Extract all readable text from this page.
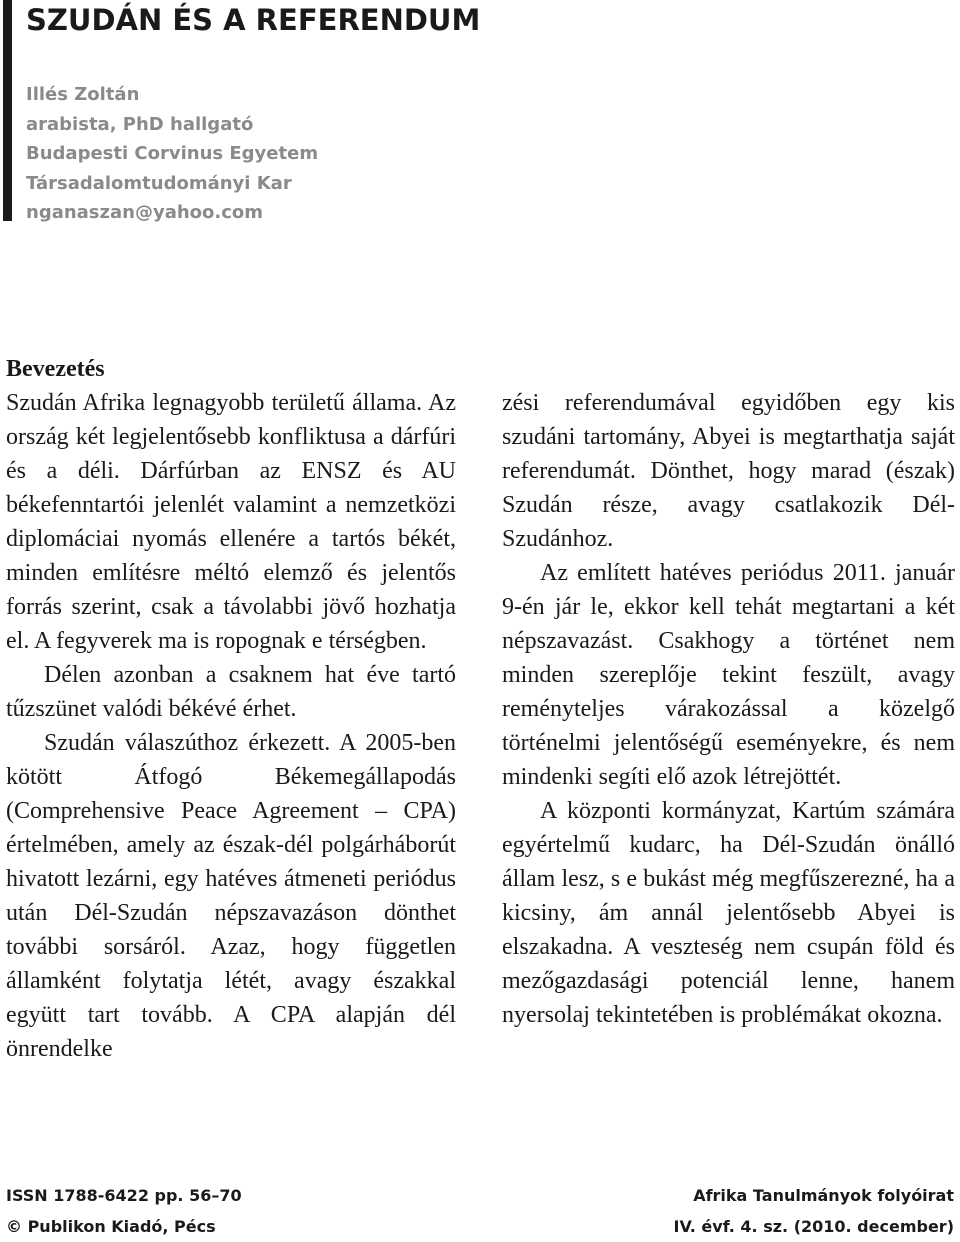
SZUDÁN ÉS A REFERENDUM
Illés Zoltán
arabista, PhD hallgató
Budapesti Corvinus Egyetem
Társadalomtudományi Kar
nganaszan@yahoo.com
Bevezetés

Szudán Afrika legnagyobb területű állama. Az ország két legjelentősebb konfliktusa a dárfúri és a déli. Dárfúrban az ENSZ és AU békefenntartói jelenlét valamint a nemzetközi diplomáciai nyomás ellenére a tartós békét, minden említésre méltó elemző és jelentős forrás szerint, csak a távolabbi jövő hozhatja el. A fegyverek ma is ropognak e térségben.

Délen azonban a csaknem hat éve tartó tűzszünet valódi békévé érhet.

Szudán válaszúthoz érkezett. A 2005-ben kötött Átfogó Békemegállapodás (Comprehensive Peace Agreement – CPA) értelmében, amely az észak-dél polgárháborút hivatott lezárni, egy hatéves átmeneti periódus után Dél-Szudán népszavazáson dönthet további sorsáról. Azaz, hogy független államként folytatja létét, avagy északkal együtt tart tovább. A CPA alapján dél önrendelke

zési referendumával egyidőben egy kis szudáni tartomány, Abyei is megtarthatja saját referendumát. Dönthet, hogy marad (észak) Szudán része, avagy csatlakozik Dél-Szudánhoz.

Az említett hatéves periódus 2011. január 9-én jár le, ekkor kell tehát megtartani a két népszavazást. Csakhogy a történet nem minden szereplője tekint feszült, avagy reményteljes várakozással a közelgő történelmi jelentőségű eseményekre, és nem mindenki segíti elő azok létrejöttét.

A központi kormányzat, Kartúm számára egyértelmű kudarc, ha Dél-Szudán önálló állam lesz, s e bukást még megfűszerezné, ha a kicsiny, ám annál jelentősebb Abyei is elszakadna. A veszteség nem csupán föld és mezőgazdasági potenciál lenne, hanem nyersolaj tekintetében is problémákat okozna.

ISSN 1788-6422 pp. 56–70
© Publikon Kiadó, Pécs
Afrika Tanulmányok folyóirat
IV. évf. 4. sz. (2010. december)
